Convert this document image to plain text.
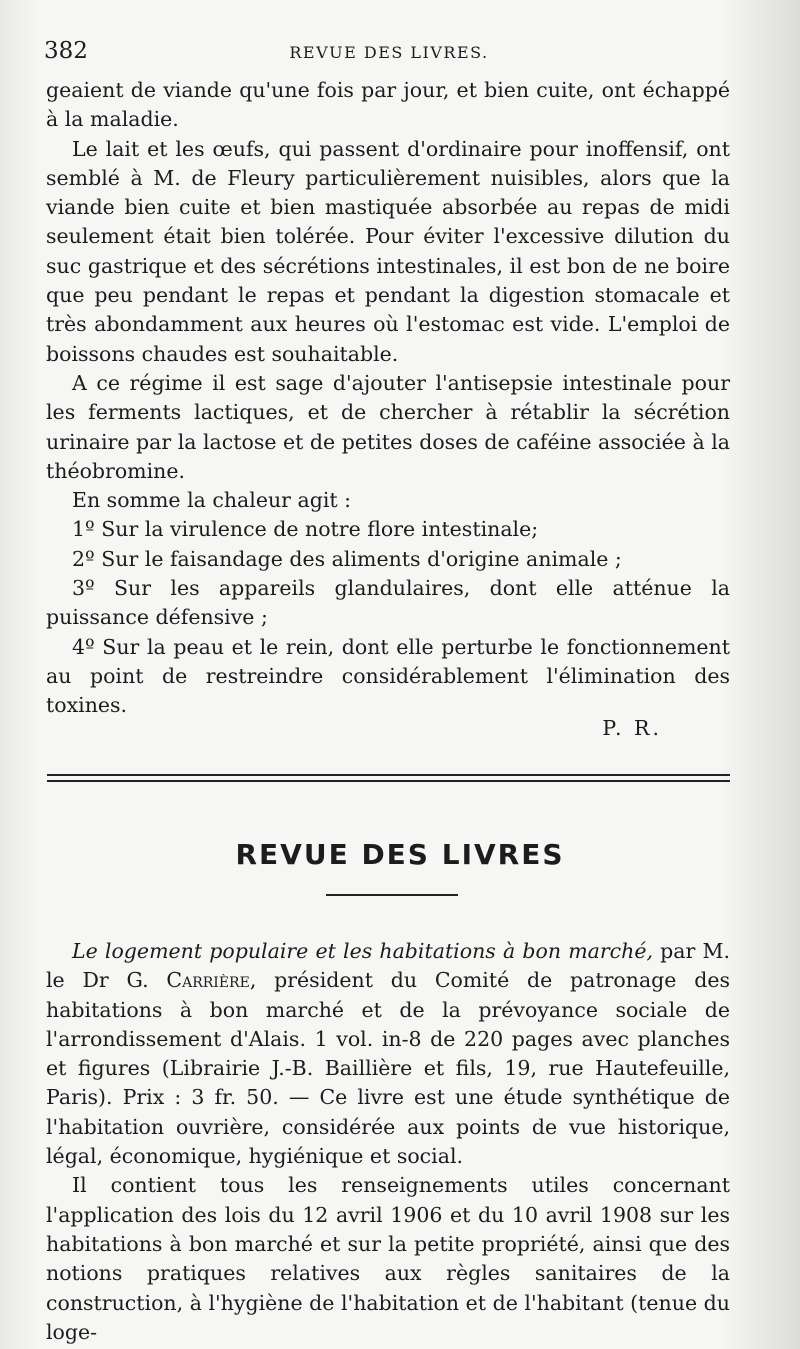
382	REVUE DES LIVRES.

geaient de viande qu'une fois par jour, et bien cuite, ont échappé à la maladie.

Le lait et les œufs, qui passent d'ordinaire pour inoffensif, ont semblé à M. de Fleury particulièrement nuisibles, alors que la viande bien cuite et bien mastiquée absorbée au repas de midi seulement était bien tolérée. Pour éviter l'excessive dilution du suc gastrique et des sécrétions intestinales, il est bon de ne boire que peu pendant le repas et pendant la digestion stomacale et très abondamment aux heures où l'estomac est vide. L'emploi de boissons chaudes est souhaitable.

A ce régime il est sage d'ajouter l'antisepsie intestinale pour les ferments lactiques, et de chercher à rétablir la sécrétion urinaire par la lactose et de petites doses de caféine associée à la théobromine.

En somme la chaleur agit :

1º Sur la virulence de notre flore intestinale;

2º Sur le faisandage des aliments d'origine animale ;

3º Sur les appareils glandulaires, dont elle atténue la puissance défensive ;

4º Sur la peau et le rein, dont elle perturbe le fonctionnement au point de restreindre considérablement l'élimination des toxines.

P. R.
REVUE DES LIVRES

Le logement populaire et les habitations à bon marché, par M. le Dr G. Carrière, président du Comité de patronage des habitations à bon marché et de la prévoyance sociale de l'arrondissement d'Alais. 1 vol. in-8 de 220 pages avec planches et figures (Librairie J.-B. Baillière et fils, 19, rue Hautefeuille, Paris). Prix : 3 fr. 50. — Ce livre est une étude synthétique de l'habitation ouvrière, considérée aux points de vue historique, légal, économique, hygiénique et social.

Il contient tous les renseignements utiles concernant l'application des lois du 12 avril 1906 et du 10 avril 1908 sur les habitations à bon marché et sur la petite propriété, ainsi que des notions pratiques relatives aux règles sanitaires de la construction, à l'hygiène de l'habitation et de l'habitant (tenue du loge-
